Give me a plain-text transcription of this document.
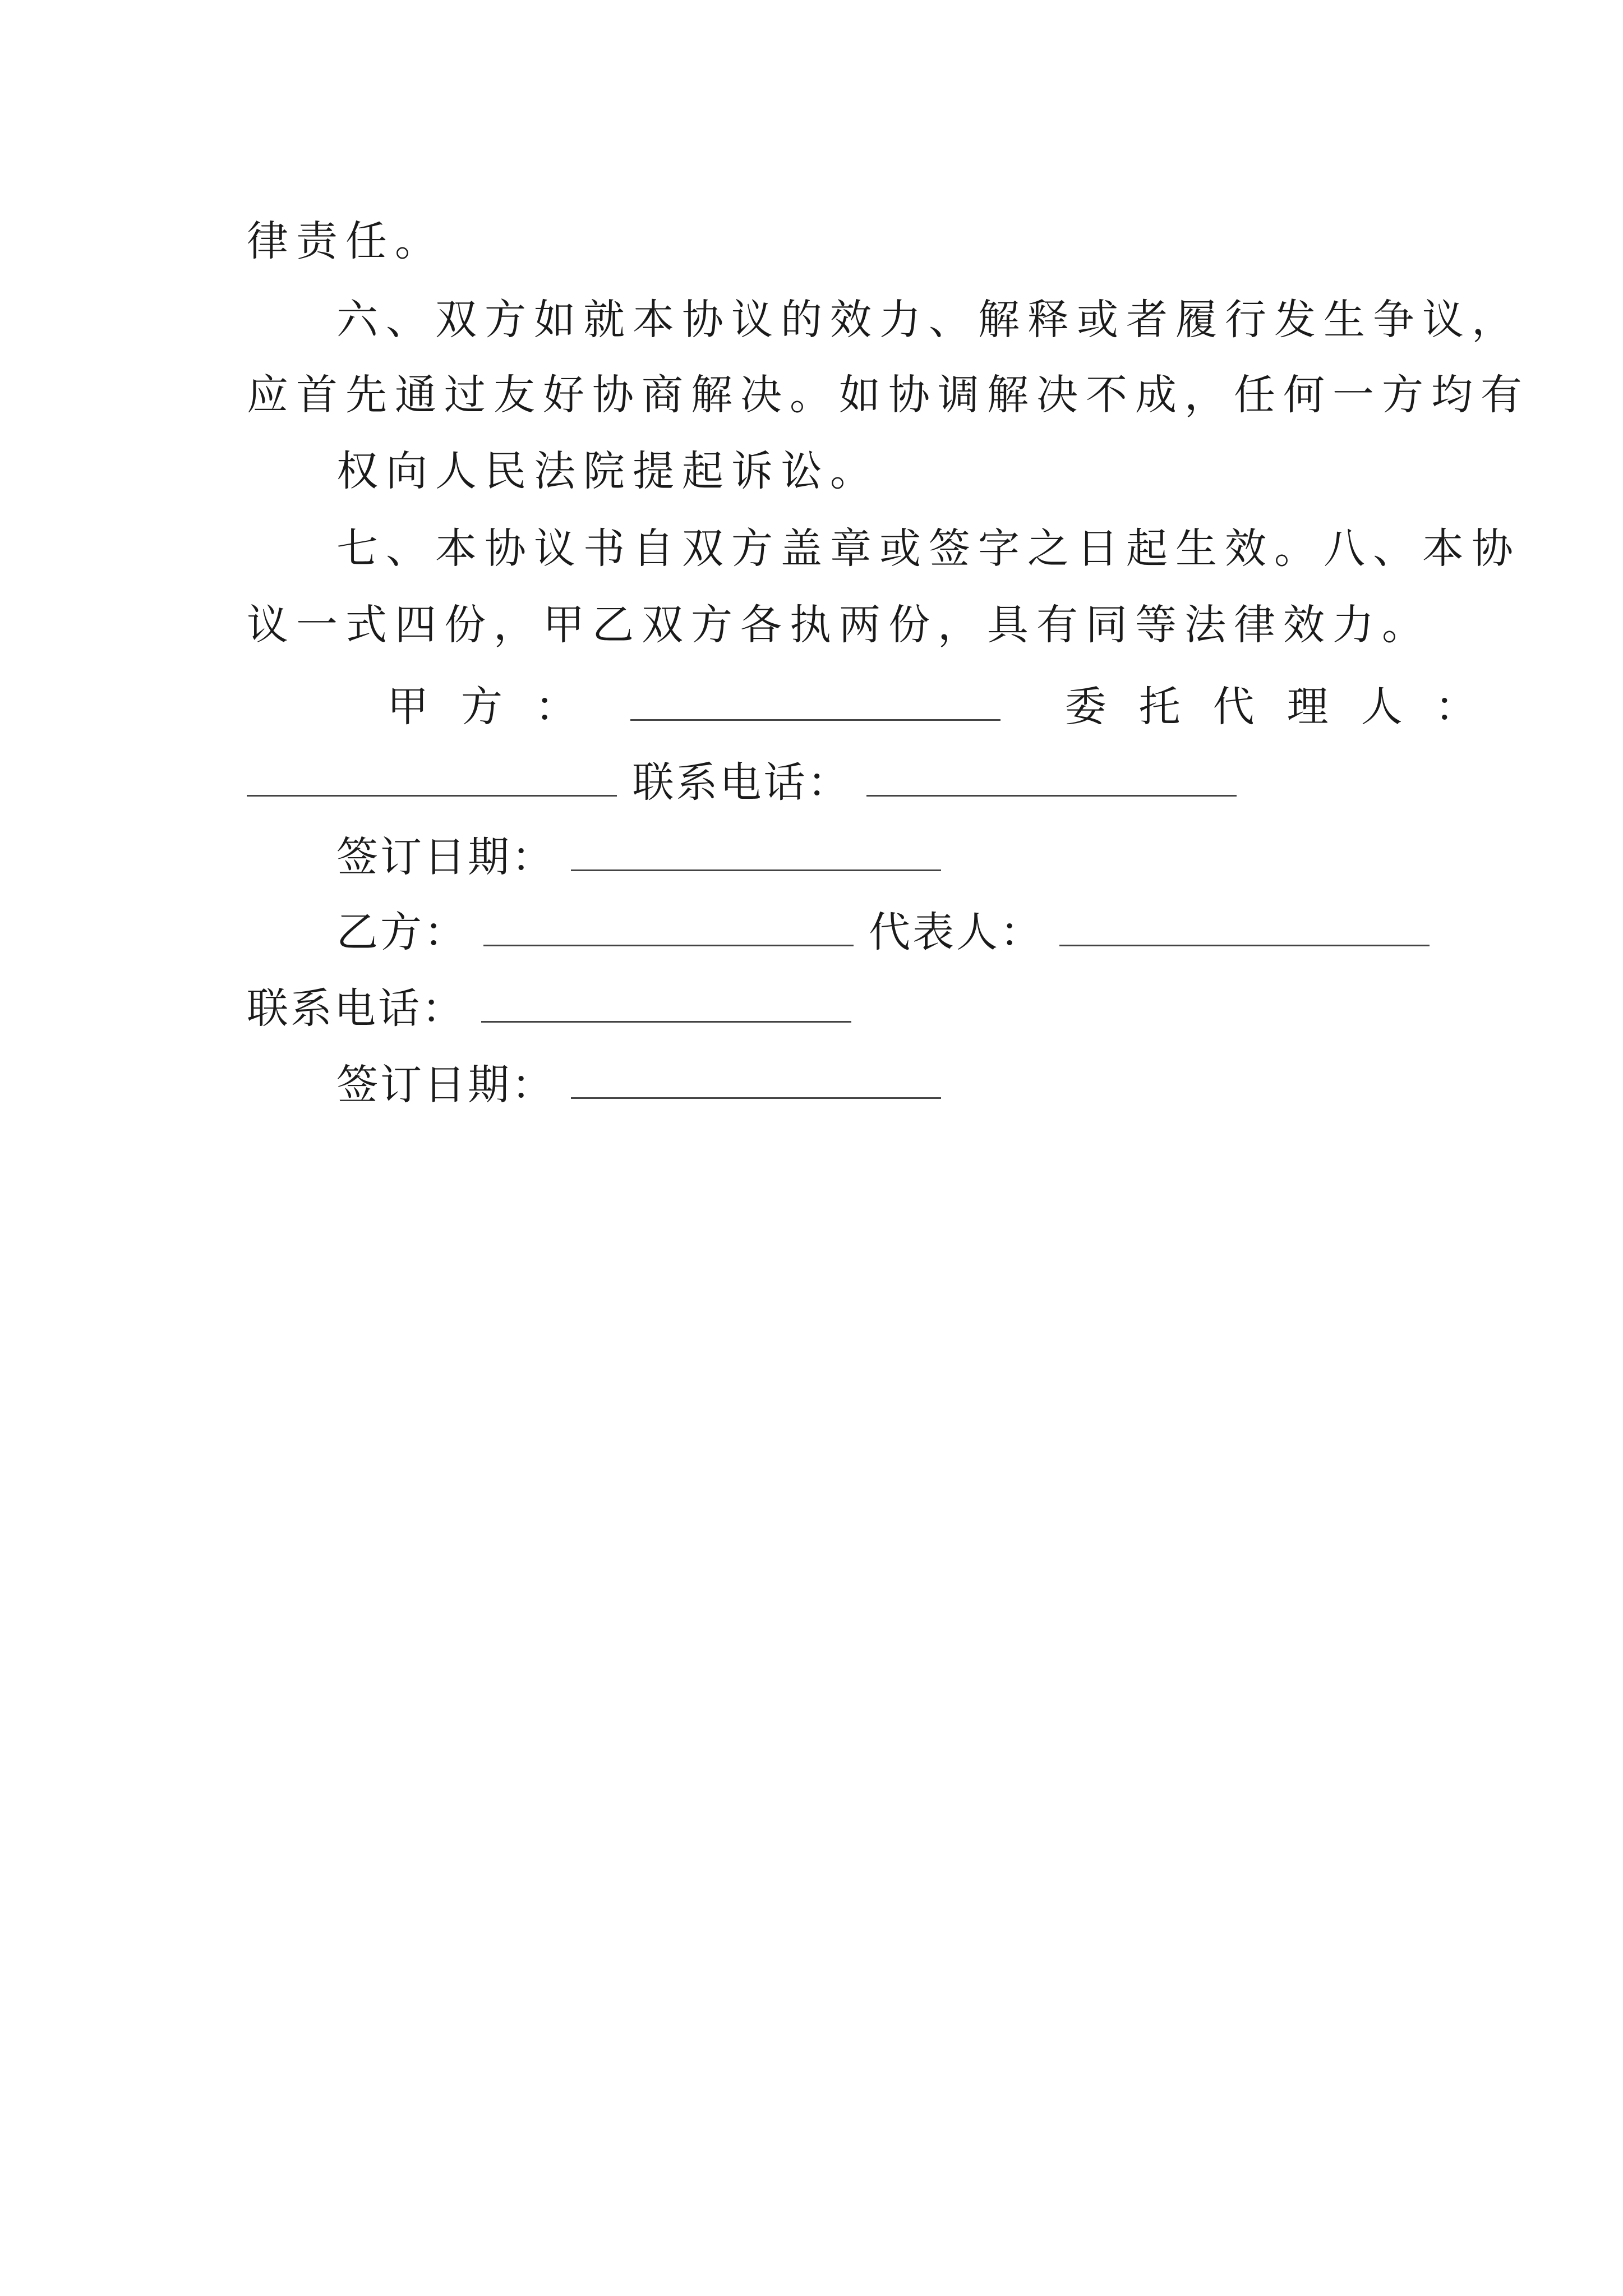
律责任。
六、双方如就本协议的效力、解释或者履行发生争议，
应首先通过友好协商解决。如协调解决不成，任何一方均有
权向人民法院提起诉讼。
七、本协议书自双方盖章或签字之日起生效。八、本协
议一式四份，甲乙双方各执两份，具有同等法律效力。
甲方：	委托代理人：
联系电话：
签订日期：
乙方：	代表人：
联系电话：
签订日期：
